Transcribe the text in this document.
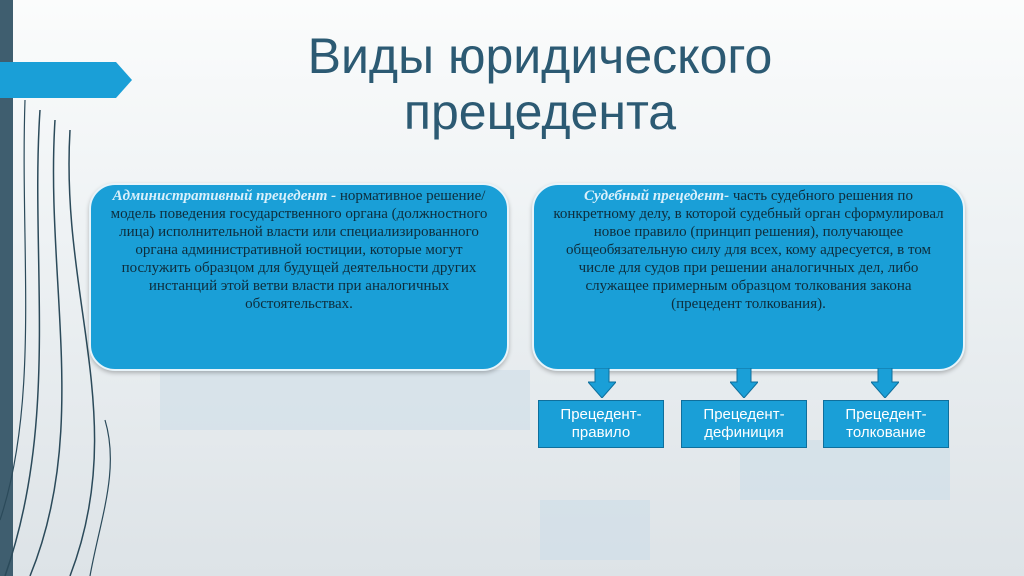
Виды юридического
прецедента
Административный прецедент - нормативное решение/модель поведения государственного органа (должностного лица) исполнительной власти или специализированного органа административной юстиции, которые могут послужить образцом для будущей деятельности других инстанций этой ветви власти при аналогичных обстоятельствах.
Судебный прецедент- часть судебного решения по конкретному делу, в которой судебный орган сформулировал новое правило (принцип решения), получающее общеобязательную силу для всех, кому адресуется, в том числе для судов при решении аналогичных дел, либо служащее примерным образцом толкования закона (прецедент толкования).
Прецедент-
правило
Прецедент-
дефиниция
Прецедент-
толкование
